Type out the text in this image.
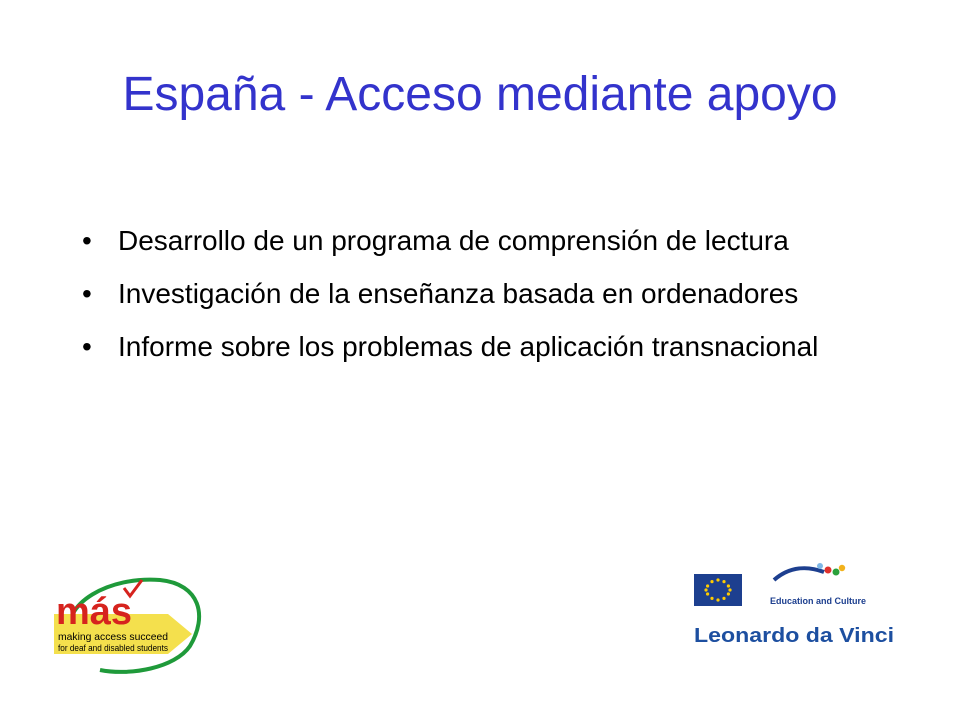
España - Acceso mediante apoyo
• Desarrollo de un programa de comprensión de lectura
• Investigación de la enseñanza basada en ordenadores
• Informe sobre los problemas de aplicación transnacional
más
making access succeed
for deaf and disabled students
Education and Culture
Leonardo da Vinci
